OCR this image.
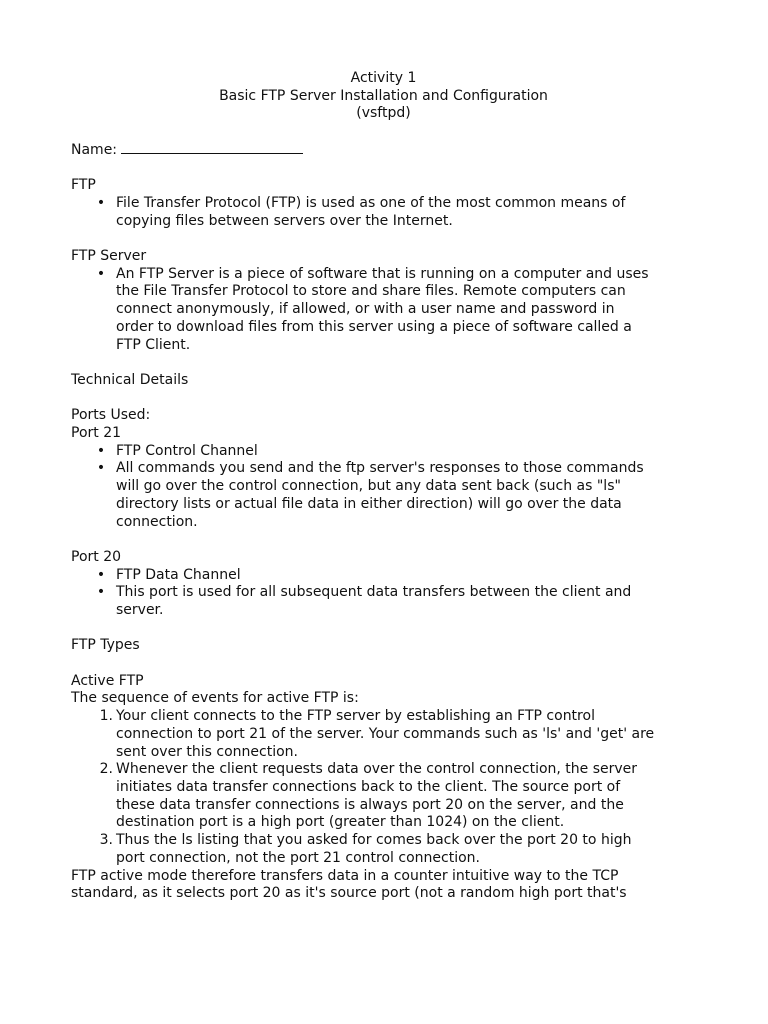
Activity 1
Basic FTP Server Installation and Configuration
(vsftpd)
Name:
FTP
• File Transfer Protocol (FTP) is used as one of the most common means of
copying files between servers over the Internet.
FTP Server
• An FTP Server is a piece of software that is running on a computer and uses
the File Transfer Protocol to store and share files. Remote computers can
connect anonymously, if allowed, or with a user name and password in
order to download files from this server using a piece of software called a
FTP Client.
Technical Details
Ports Used:
Port 21
• FTP Control Channel
• All commands you send and the ftp server's responses to those commands
will go over the control connection, but any data sent back (such as "ls"
directory lists or actual file data in either direction) will go over the data
connection.
Port 20
• FTP Data Channel
• This port is used for all subsequent data transfers between the client and
server.
FTP Types
Active FTP
The sequence of events for active FTP is:
1. Your client connects to the FTP server by establishing an FTP control
connection to port 21 of the server. Your commands such as 'ls' and 'get' are
sent over this connection.
2. Whenever the client requests data over the control connection, the server
initiates data transfer connections back to the client. The source port of
these data transfer connections is always port 20 on the server, and the
destination port is a high port (greater than 1024) on the client.
3. Thus the ls listing that you asked for comes back over the port 20 to high
port connection, not the port 21 control connection.
FTP active mode therefore transfers data in a counter intuitive way to the TCP
standard, as it selects port 20 as it's source port (not a random high port that's
